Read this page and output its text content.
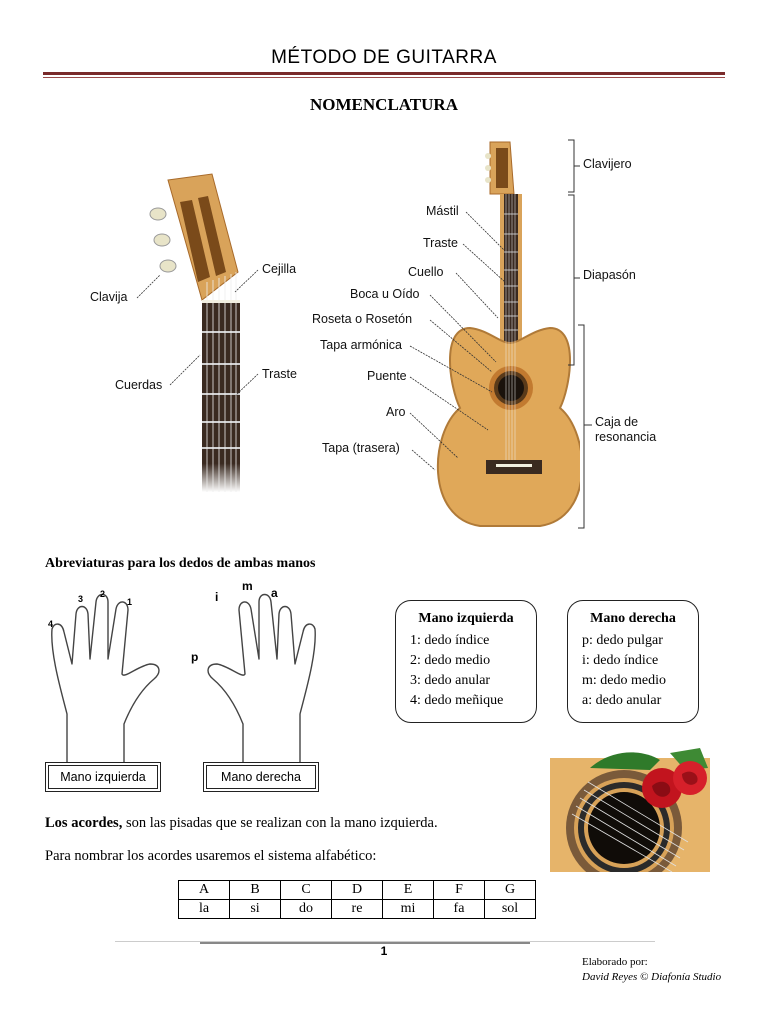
MÉTODO DE GUITARRA
NOMENCLATURA
Clavija
Cejilla
Cuerdas
Traste
Mástil
Traste
Cuello
Boca u Oído
Roseta o Rosetón
Tapa armónica
Puente
Aro
Tapa (trasera)
Clavijero
Diapasón
Caja de
resonancia
Abreviaturas para los dedos de ambas manos
4
3 2
1
p
i
m a
Mano izquierda	Mano derecha
Mano izquierda
1: dedo índice
2: dedo medio
3: dedo anular
4: dedo meñique
Mano derecha
p: dedo pulgar
i: dedo índice
m: dedo medio
a: dedo anular
Los acordes, son las pisadas que se realizan con la mano izquierda.
Para nombrar los acordes usaremos el sistema alfabético:
A	B	C	D	E	F	G
la	si	do	re	mi	fa	sol
1
Elaborado por:
David Reyes © Diafonía Studio
